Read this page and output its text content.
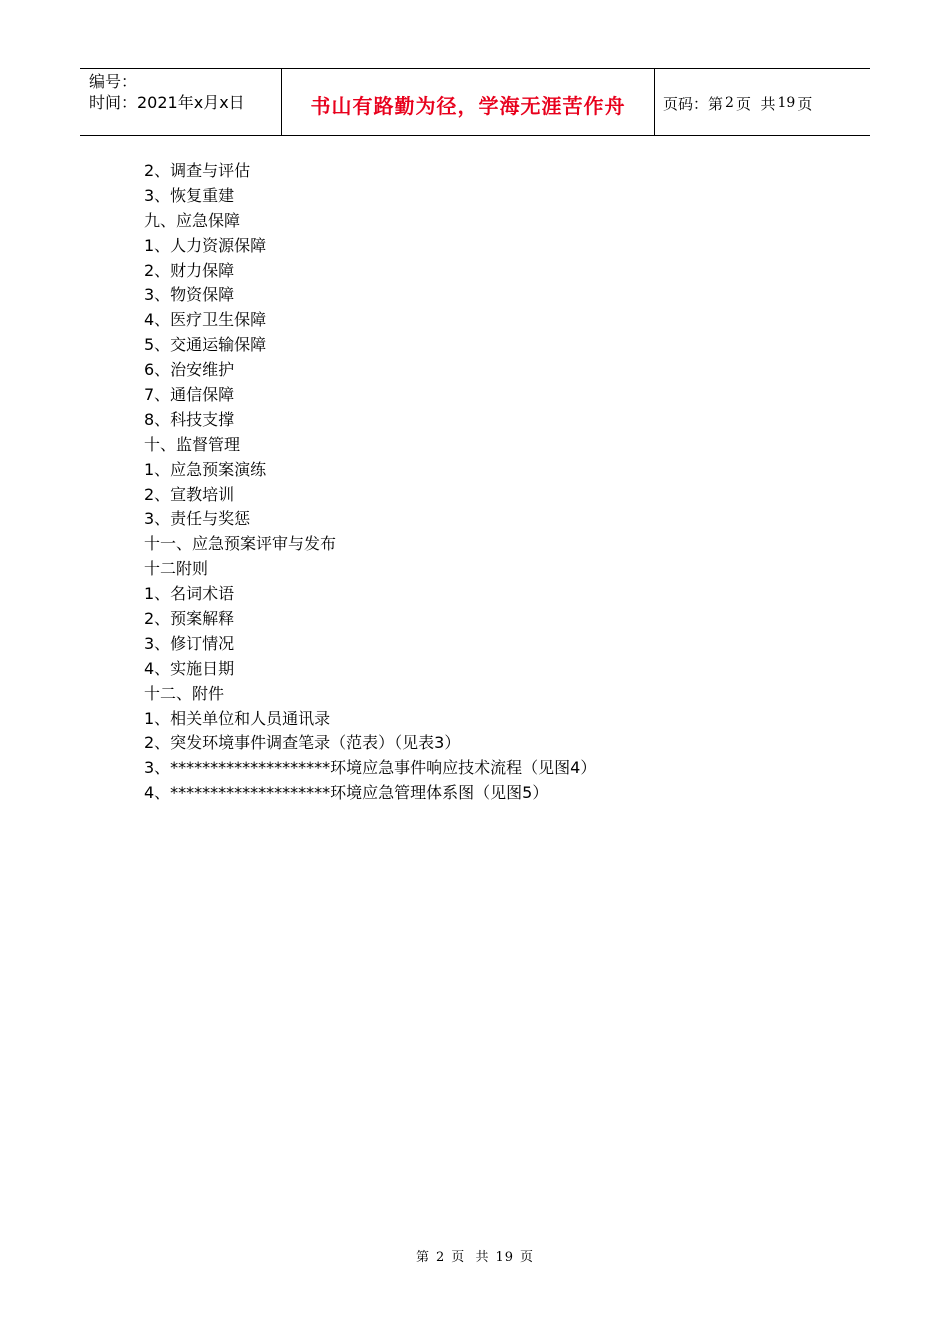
编号：
时间：2021年x月x日	书山有路勤为径，学海无涯苦作舟	页码：第 2 页  共 19 页
2、调查与评估
3、恢复重建
九、应急保障
1、人力资源保障
2、财力保障
3、物资保障
4、医疗卫生保障
5、交通运输保障
6、治安维护
7、通信保障
8、科技支撑
十、监督管理
1、应急预案演练
2、宣教培训
3、责任与奖惩
十一、应急预案评审与发布
十二附则
1、名词术语
2、预案解释
3、修订情况
4、实施日期
十二、附件
1、相关单位和人员通讯录
2、突发环境事件调查笔录（范表）（见表3）
3、********************环境应急事件响应技术流程（见图4）
4、********************环境应急管理体系图（见图5）
第 2 页  共 19 页
